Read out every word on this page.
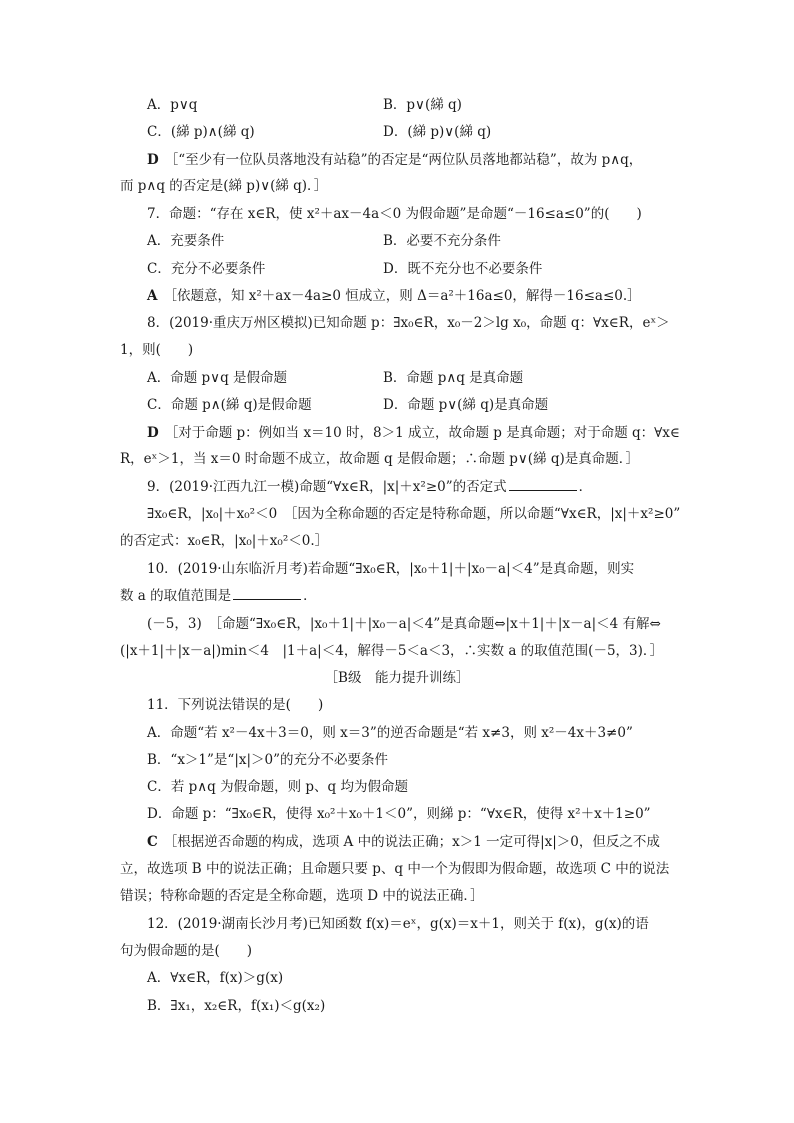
A．p∨q	B．p∨(綈 q)
C．(綈 p)∧(綈 q)	D．(綈 p)∨(綈 q)
D ［“至少有一位队员落地没有站稳”的否定是“两位队员落地都站稳”，故为 p∧q，
而 p∧q 的否定是(綈 p)∨(綈 q)．］
7．命题：“存在 x∈R，使 x²＋ax－4a＜0 为假命题”是命题“－16≤a≤0”的(　　)
A．充要条件	B．必要不充分条件
C．充分不必要条件	D．既不充分也不必要条件
A ［依题意，知 x²＋ax－4a≥0 恒成立，则 Δ＝a²＋16a≤0，解得－16≤a≤0.］
8．(2019·重庆万州区模拟)已知命题 p：∃x₀∈R，x₀－2＞lg x₀，命题 q：∀x∈R，eˣ＞
1，则(　　)
A．命题 p∨q 是假命题	B．命题 p∧q 是真命题
C．命题 p∧(綈 q)是假命题	D．命题 p∨(綈 q)是真命题
D ［对于命题 p：例如当 x＝10 时，8＞1 成立，故命题 p 是真命题；对于命题 q：∀x∈
R，eˣ＞1，当 x＝0 时命题不成立，故命题 q 是假命题；∴命题 p∨(綈 q)是真命题．］
9．(2019·江西九江一模)命题“∀x∈R，|x|＋x²≥0”的否定式	．
∃x₀∈R，|x₀|＋x₀²＜0　［因为全称命题的否定是特称命题，所以命题“∀x∈R，|x|＋x²≥0”
的否定式：x₀∈R，|x₀|＋x₀²＜0.］
10．(2019·山东临沂月考)若命题“∃x₀∈R，|x₀＋1|＋|x₀－a|＜4”是真命题，则实
数 a 的取值范围是	．
(－5，3)　［命题“∃x₀∈R，|x₀＋1|＋|x₀－a|＜4”是真命题⇔|x＋1|＋|x－a|＜4 有解⇔
(|x＋1|＋|x－a|)min＜4　|1＋a|＜4，解得－5＜a＜3，∴实数 a 的取值范围(－5，3)．］
［B级　能力提升训练］
11．下列说法错误的是(　　)
A．命题“若 x²－4x＋3＝0，则 x＝3”的逆否命题是“若 x≠3，则 x²－4x＋3≠0”
B．“x＞1”是“|x|＞0”的充分不必要条件
C．若 p∧q 为假命题，则 p、q 均为假命题
D．命题 p：“∃x₀∈R，使得 x₀²＋x₀＋1＜0”，则綈 p：“∀x∈R，使得 x²＋x＋1≥0”
C ［根据逆否命题的构成，选项 A 中的说法正确；x＞1 一定可得|x|＞0，但反之不成
立，故选项 B 中的说法正确；且命题只要 p、q 中一个为假即为假命题，故选项 C 中的说法
错误；特称命题的否定是全称命题，选项 D 中的说法正确．］
12．(2019·湖南长沙月考)已知函数 f(x)＝eˣ，g(x)＝x＋1，则关于 f(x)，g(x)的语
句为假命题的是(　　)
A．∀x∈R，f(x)＞g(x)
B．∃x₁，x₂∈R，f(x₁)＜g(x₂)
